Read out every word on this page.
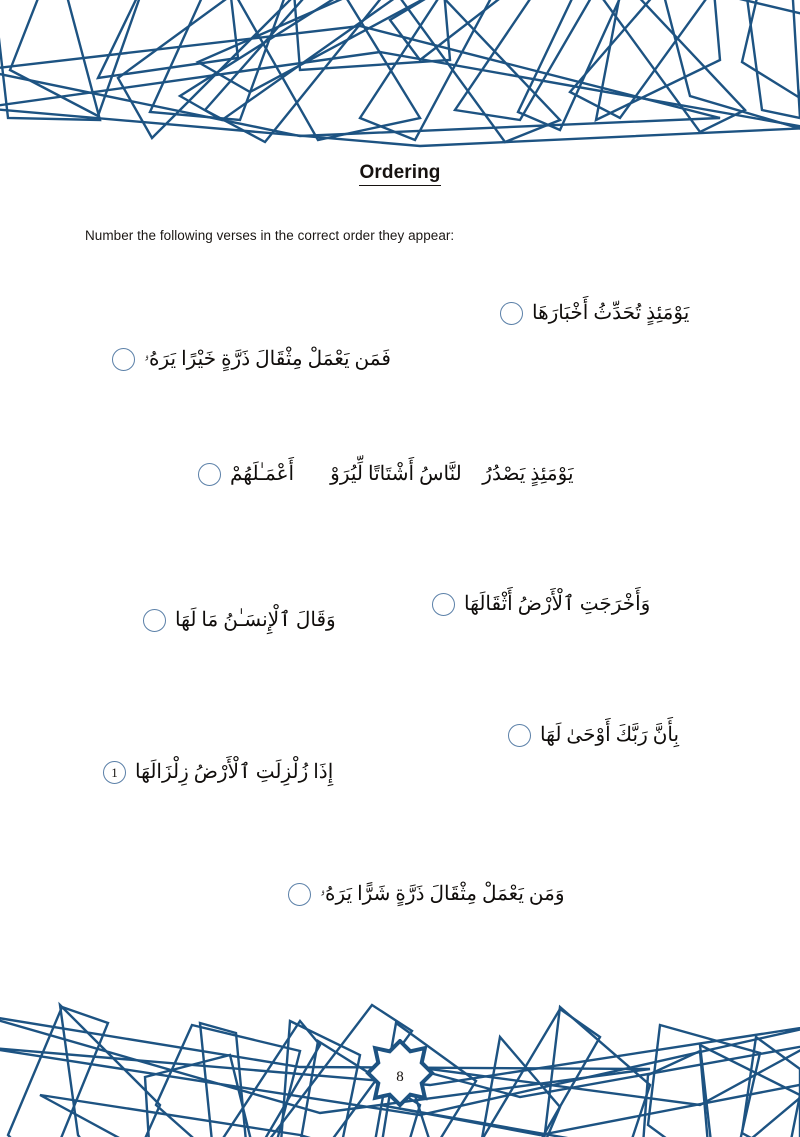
Ordering

Number the following verses in the correct order they appear:

يَوْمَئِذٍ تُحَدِّثُ أَخْبَارَهَا
فَمَن يَعْمَلْ مِثْقَالَ ذَرَّةٍ خَيْرًا يَرَهُۥ
يَوْمَئِذٍ يَصْدُرُ ٱلنَّاسُ أَشْتَاتًا لِّيُرَوْا۟ أَعْمَـٰلَهُمْ
وَأَخْرَجَتِ ٱلْأَرْضُ أَثْقَالَهَا
وَقَالَ ٱلْإِنسَـٰنُ مَا لَهَا
بِأَنَّ رَبَّكَ أَوْحَىٰ لَهَا
إِذَا زُلْزِلَتِ ٱلْأَرْضُ زِلْزَالَهَا
1
وَمَن يَعْمَلْ مِثْقَالَ ذَرَّةٍ شَرًّا يَرَهُۥ
8
